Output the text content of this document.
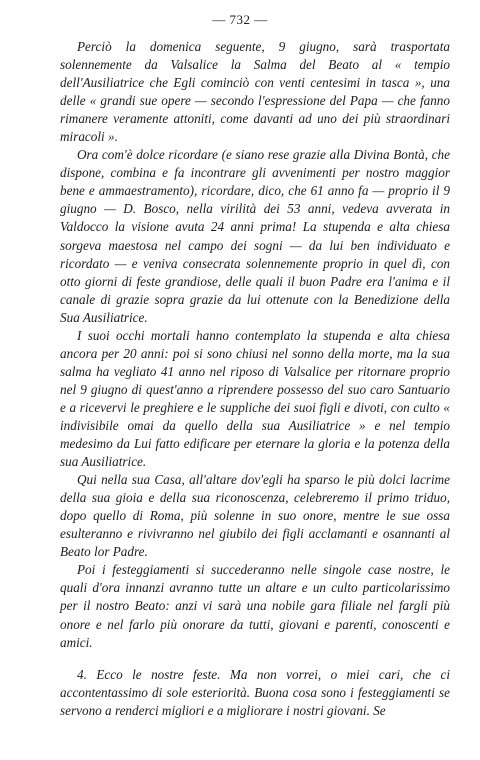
— 732 —

Perciò la domenica seguente, 9 giugno, sarà trasportata solennemente da Valsalice la Salma del Beato al « tempio dell'Ausiliatrice che Egli cominciò con venti centesimi in tasca », una delle « grandi sue opere — secondo l'espressione del Papa — che fanno rimanere veramente attoniti, come davanti ad uno dei più straordinari miracoli ».

Ora com'è dolce ricordare (e siano rese grazie alla Divina Bontà, che dispone, combina e fa incontrare gli avvenimenti per nostro maggior bene e ammaestramento), ricordare, dico, che 61 anno fa — proprio il 9 giugno — D. Bosco, nella virilità dei 53 anni, vedeva avverata in Valdocco la visione avuta 24 anni prima! La stupenda e alta chiesa sorgeva maestosa nel campo dei sogni — da lui ben individuato e ricordato — e veniva consecrata solennemente proprio in quel dì, con otto giorni di feste grandiose, delle quali il buon Padre era l'anima e il canale di grazie sopra grazie da lui ottenute con la Benedizione della Sua Ausiliatrice.

I suoi occhi mortali hanno contemplato la stupenda e alta chiesa ancora per 20 anni: poi si sono chiusi nel sonno della morte, ma la sua salma ha vegliato 41 anno nel riposo di Valsalice per ritornare proprio nel 9 giugno di quest'anno a riprendere possesso del suo caro Santuario e a ricevervi le preghiere e le suppliche dei suoi figli e divoti, con culto « indivisibile omai da quello della sua Ausiliatrice » e nel tempio medesimo da Lui fatto edificare per eternare la gloria e la potenza della sua Ausiliatrice.

Qui nella sua Casa, all'altare dov'egli ha sparso le più dolci lacrime della sua gioia e della sua riconoscenza, celebreremo il primo triduo, dopo quello di Roma, più solenne in suo onore, mentre le sue ossa esulteranno e rivivranno nel giubilo dei figli acclamanti e osannanti al Beato lor Padre.

Poi i festeggiamenti si succederanno nelle singole case nostre, le quali d'ora innanzi avranno tutte un altare e un culto particolarissimo per il nostro Beato: anzi vi sarà una nobile gara filiale nel fargli più onore e nel farlo più onorare da tutti, giovani e parenti, conoscenti e amici.

4. Ecco le nostre feste. Ma non vorrei, o miei cari, che ci accontentassimo di sole esteriorità. Buona cosa sono i festeggiamenti se servono a renderci migliori e a migliorare i nostri giovani. Se
